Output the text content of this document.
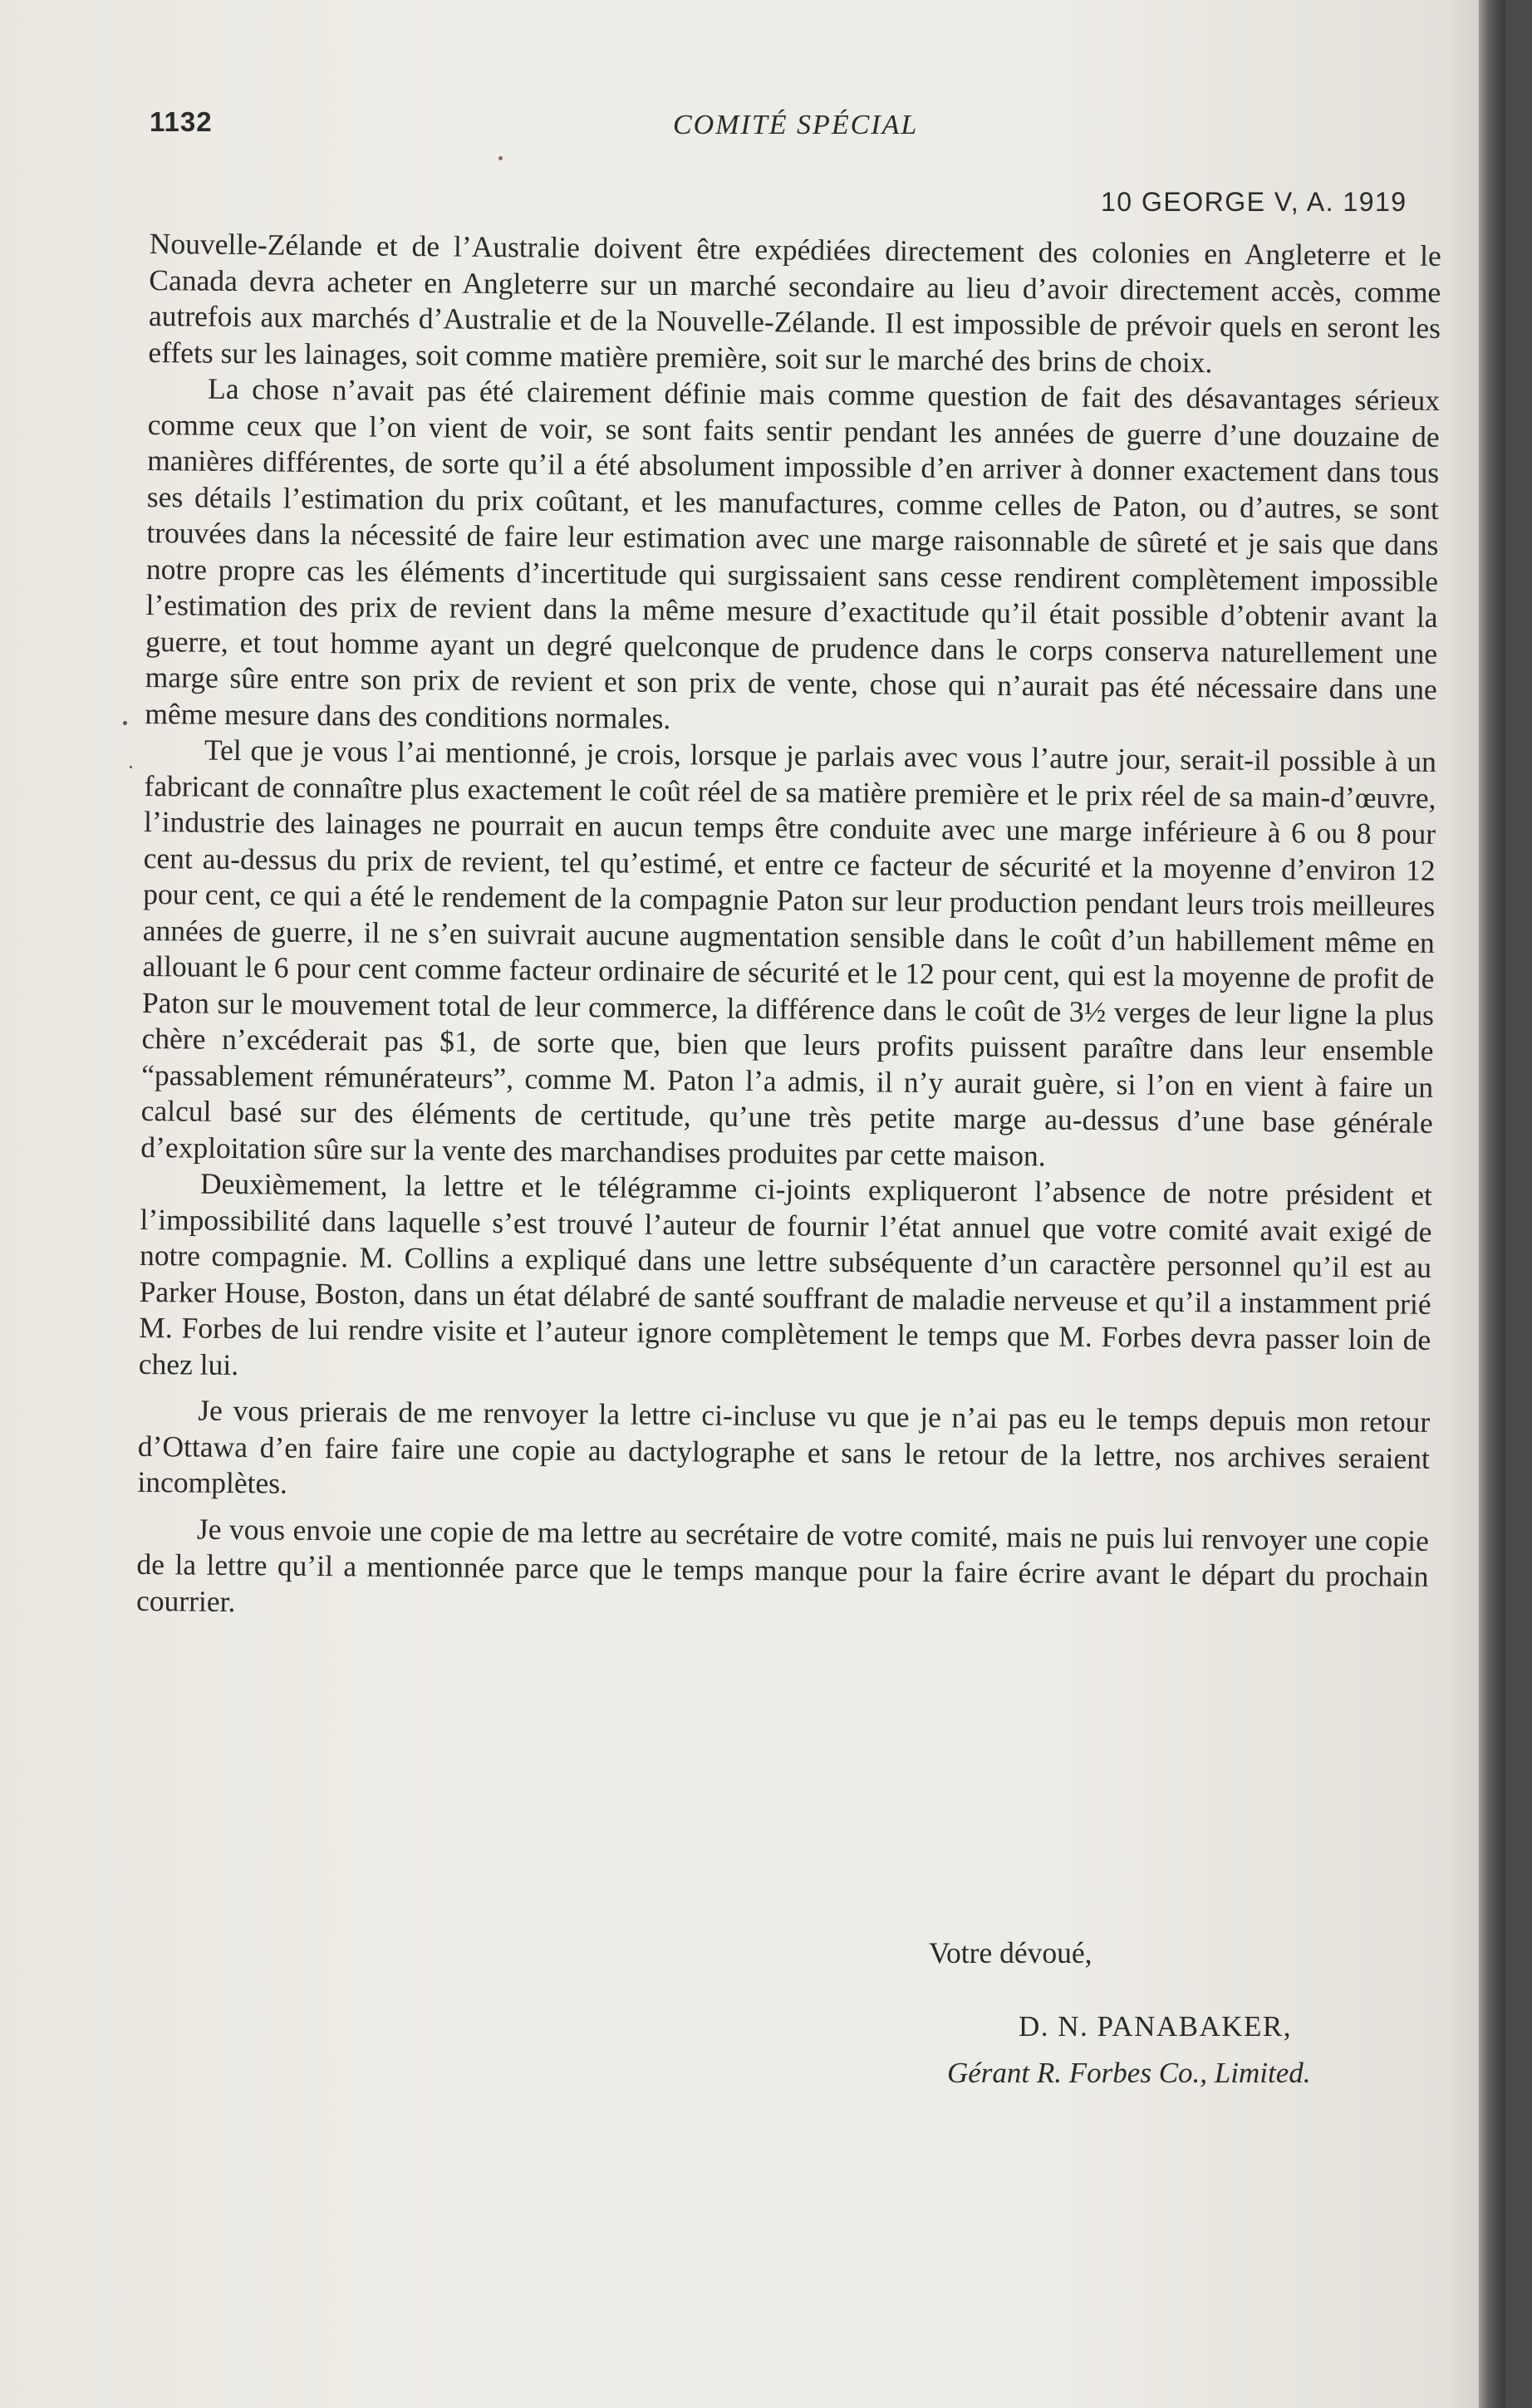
1132	COMITÉ SPÉCIAL
10 GEORGE V, A. 1919

Nouvelle-Zélande et de l’Australie doivent être expédiées directement des colonies en Angleterre et le Canada devra acheter en Angleterre sur un marché secondaire au lieu d’avoir directement accès, comme autrefois aux marchés d’Australie et de la Nouvelle-Zélande. Il est impossible de prévoir quels en seront les effets sur les lainages, soit comme matière première, soit sur le marché des brins de choix.

La chose n’avait pas été clairement définie mais comme question de fait des désavantages sérieux comme ceux que l’on vient de voir, se sont faits sentir pendant les années de guerre d’une douzaine de manières différentes, de sorte qu’il a été absolument impossible d’en arriver à donner exactement dans tous ses détails l’estimation du prix coûtant, et les manufactures, comme celles de Paton, ou d’autres, se sont trouvées dans la nécessité de faire leur estimation avec une marge raisonnable de sûreté et je sais que dans notre propre cas les éléments d’incertitude qui surgissaient sans cesse rendirent complètement impossible l’estimation des prix de revient dans la même mesure d’exactitude qu’il était possible d’obtenir avant la guerre, et tout homme ayant un degré quelconque de prudence dans le corps conserva naturellement une marge sûre entre son prix de revient et son prix de vente, chose qui n’aurait pas été nécessaire dans une même mesure dans des conditions normales.

Tel que je vous l’ai mentionné, je crois, lorsque je parlais avec vous l’autre jour, serait-il possible à un fabricant de connaître plus exactement le coût réel de sa matière première et le prix réel de sa main-d’œuvre, l’industrie des lainages ne pourrait en aucun temps être conduite avec une marge inférieure à 6 ou 8 pour cent au-dessus du prix de revient, tel qu’estimé, et entre ce facteur de sécurité et la moyenne d’environ 12 pour cent, ce qui a été le rendement de la compagnie Paton sur leur production pendant leurs trois meilleures années de guerre, il ne s’en suivrait aucune augmentation sensible dans le coût d’un habillement même en allouant le 6 pour cent comme facteur ordinaire de sécurité et le 12 pour cent, qui est la moyenne de profit de Paton sur le mouvement total de leur commerce, la différence dans le coût de 3½ verges de leur ligne la plus chère n’excéderait pas $1, de sorte que, bien que leurs profits puissent paraître dans leur ensemble “passablement rémunérateurs”, comme M. Paton l’a admis, il n’y aurait guère, si l’on en vient à faire un calcul basé sur des éléments de certitude, qu’une très petite marge au-dessus d’une base générale d’exploitation sûre sur la vente des marchandises produites par cette maison.

Deuxièmement, la lettre et le télégramme ci-joints expliqueront l’absence de notre président et l’impossibilité dans laquelle s’est trouvé l’auteur de fournir l’état annuel que votre comité avait exigé de notre compagnie. M. Collins a expliqué dans une lettre subséquente d’un caractère personnel qu’il est au Parker House, Boston, dans un état délabré de santé souffrant de maladie nerveuse et qu’il a instamment prié M. Forbes de lui rendre visite et l’auteur ignore complètement le temps que M. Forbes devra passer loin de chez lui.

Je vous prierais de me renvoyer la lettre ci-incluse vu que je n’ai pas eu le temps depuis mon retour d’Ottawa d’en faire faire une copie au dactylographe et sans le retour de la lettre, nos archives seraient incomplètes.

Je vous envoie une copie de ma lettre au secrétaire de votre comité, mais ne puis lui renvoyer une copie de la lettre qu’il a mentionnée parce que le temps manque pour la faire écrire avant le départ du prochain courrier.

Votre dévoué,
D. N. PANABAKER,
Gérant R. Forbes Co., Limited.
